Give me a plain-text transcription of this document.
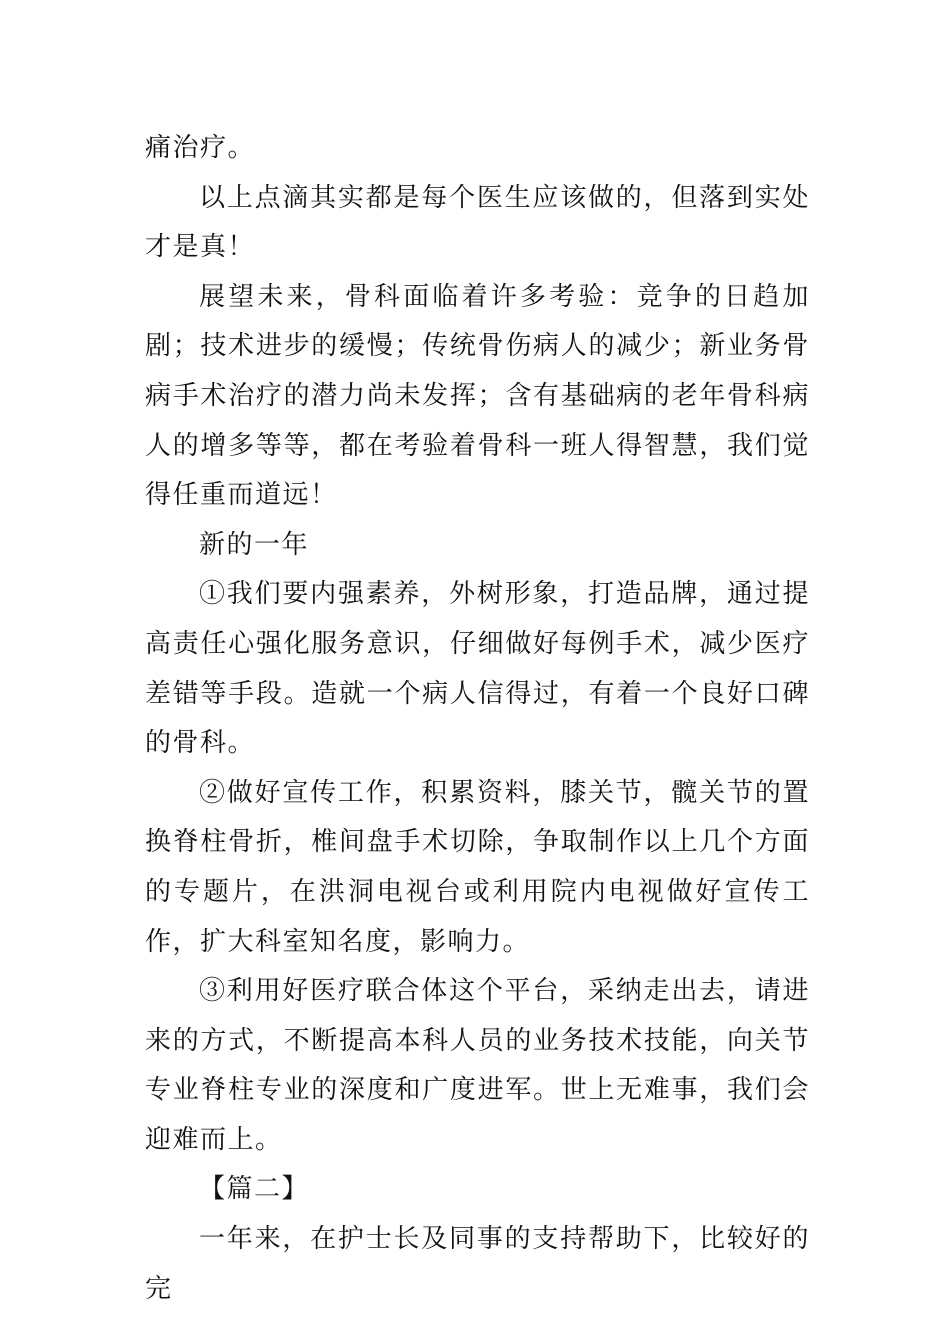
痛治疗。

以上点滴其实都是每个医生应该做的，但落到实处才是真！

展望未来，骨科面临着许多考验：竞争的日趋加剧；技术进步的缓慢；传统骨伤病人的减少；新业务骨病手术治疗的潜力尚未发挥；含有基础病的老年骨科病人的增多等等，都在考验着骨科一班人得智慧，我们觉得任重而道远！

新的一年

①我们要内强素养，外树形象，打造品牌，通过提高责任心强化服务意识，仔细做好每例手术，减少医疗差错等手段。造就一个病人信得过，有着一个良好口碑的骨科。

②做好宣传工作，积累资料，膝关节，髋关节的置换脊柱骨折，椎间盘手术切除，争取制作以上几个方面的专题片，在洪洞电视台或利用院内电视做好宣传工作，扩大科室知名度，影响力。

③利用好医疗联合体这个平台，采纳走出去，请进来的方式，不断提高本科人员的业务技术技能，向关节专业脊柱专业的深度和广度进军。世上无难事，我们会迎难而上。

【篇二】

一年来，在护士长及同事的支持帮助下，比较好的完
